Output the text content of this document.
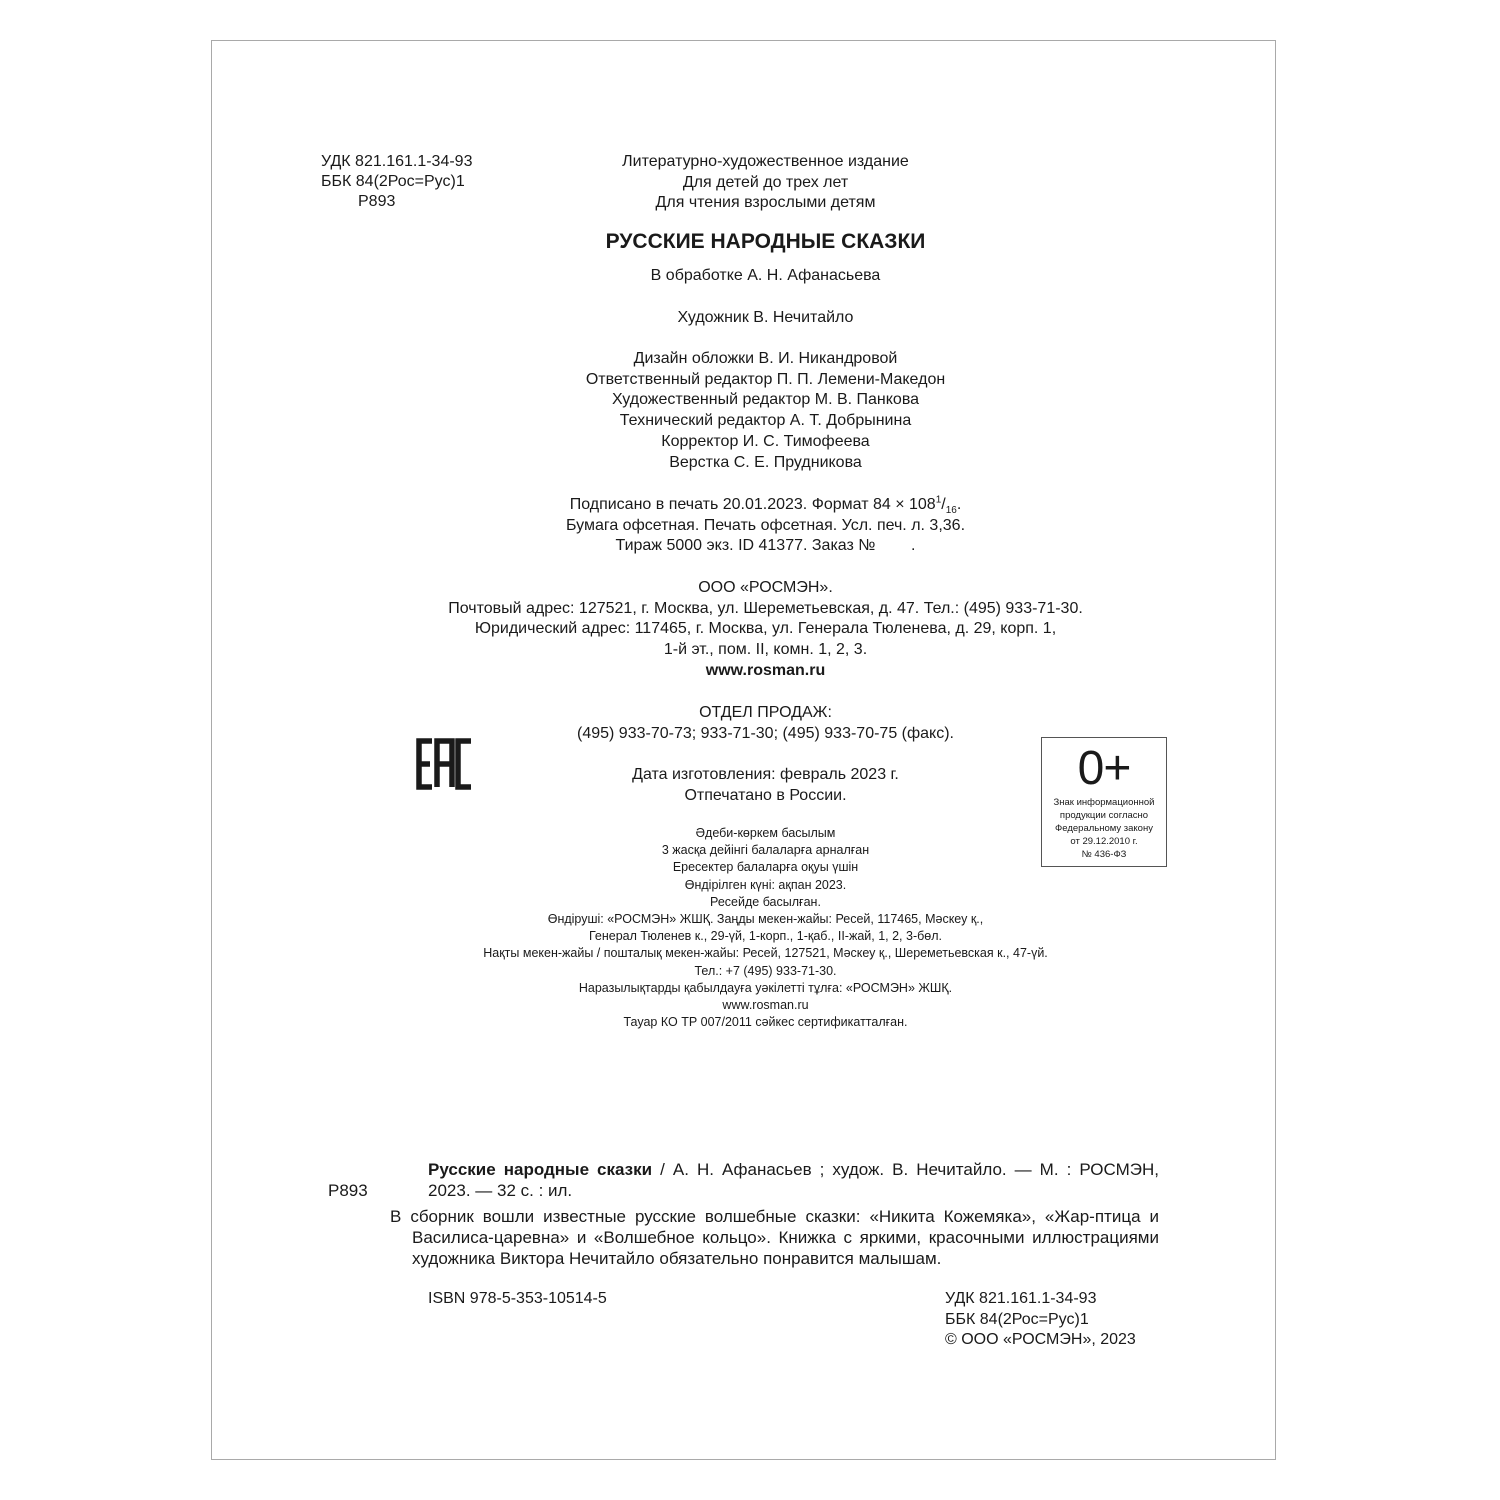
УДК 821.161.1-34-93
ББК 84(2Рос=Рус)1
Р893
Литературно-художественное издание
Для детей до трех лет
Для чтения взрослыми детям
РУССКИЕ НАРОДНЫЕ СКАЗКИ
В обработке А. Н. Афанасьева
Художник В. Нечитайло
Дизайн обложки В. И. Никандровой
Ответственный редактор П. П. Лемени-Македон
Художественный редактор М. В. Панкова
Технический редактор А. Т. Добрынина
Корректор И. С. Тимофеева
Верстка С. Е. Прудникова
Подписано в печать 20.01.2023. Формат $84 \times 108^1/_{16}$.
Бумага офсетная. Печать офсетная. Усл. печ. л. 3,36.
Тираж 5000 экз. ID 41377. Заказ №        .
ООО «РОСМЭН».
Почтовый адрес: 127521, г. Москва, ул. Шереметьевская, д. 47. Тел.: (495) 933-71-30.
Юридический адрес: 117465, г. Москва, ул. Генерала Тюленева, д. 29, корп. 1,
1-й эт., пом. II, комн. 1, 2, 3.
www.rosman.ru
ОТДЕЛ ПРОДАЖ:
(495) 933-70-73; 933-71-30; (495) 933-70-75 (факс).
Дата изготовления: февраль 2023 г.
Отпечатано в России.
0+
Знак информационной
продукции согласно
Федеральному закону
от 29.12.2010 г.
№ 436-ФЗ
Әдеби-көркем басылым
3 жасқа дейінгі балаларға арналған
Ересектер балаларға оқуы үшін
Өндірілген күні: ақпан 2023.
Ресейде басылған.
Өндіруші: «РОСМЭН» ЖШҚ. Заңды мекен-жайы: Ресей, 117465, Мәскеу қ.,
Генерал Тюленев к., 29-үй, 1-корп., 1-қаб., II-жай, 1, 2, 3-бөл.
Нақты мекен-жайы / пошталық мекен-жайы: Ресей, 127521, Мәскеу қ., Шереметьевская к., 47-үй.
Тел.: +7 (495) 933-71-30.
Наразылықтарды қабылдауға уәкілетті тұлға: «РОСМЭН» ЖШҚ.
www.rosman.ru
Тауар КО ТР 007/2011 сәйкес сертификатталған.
Р893
Русские народные сказки / А. Н. Афанасьев ; худож. В. Нечитайло. — М. : РОСМЭН, 2023. — 32 с. : ил.
В сборник вошли известные русские волшебные сказки: «Никита Кожемяка», «Жар-птица и Василиса-царевна» и «Волшебное кольцо». Книжка с яркими, красочными иллюстрациями художника Виктора Нечитайло обязательно понравится малышам.
ISBN 978-5-353-10514-5	УДК 821.161.1-34-93
ББК 84(2Рос=Рус)1
© ООО «РОСМЭН», 2023
